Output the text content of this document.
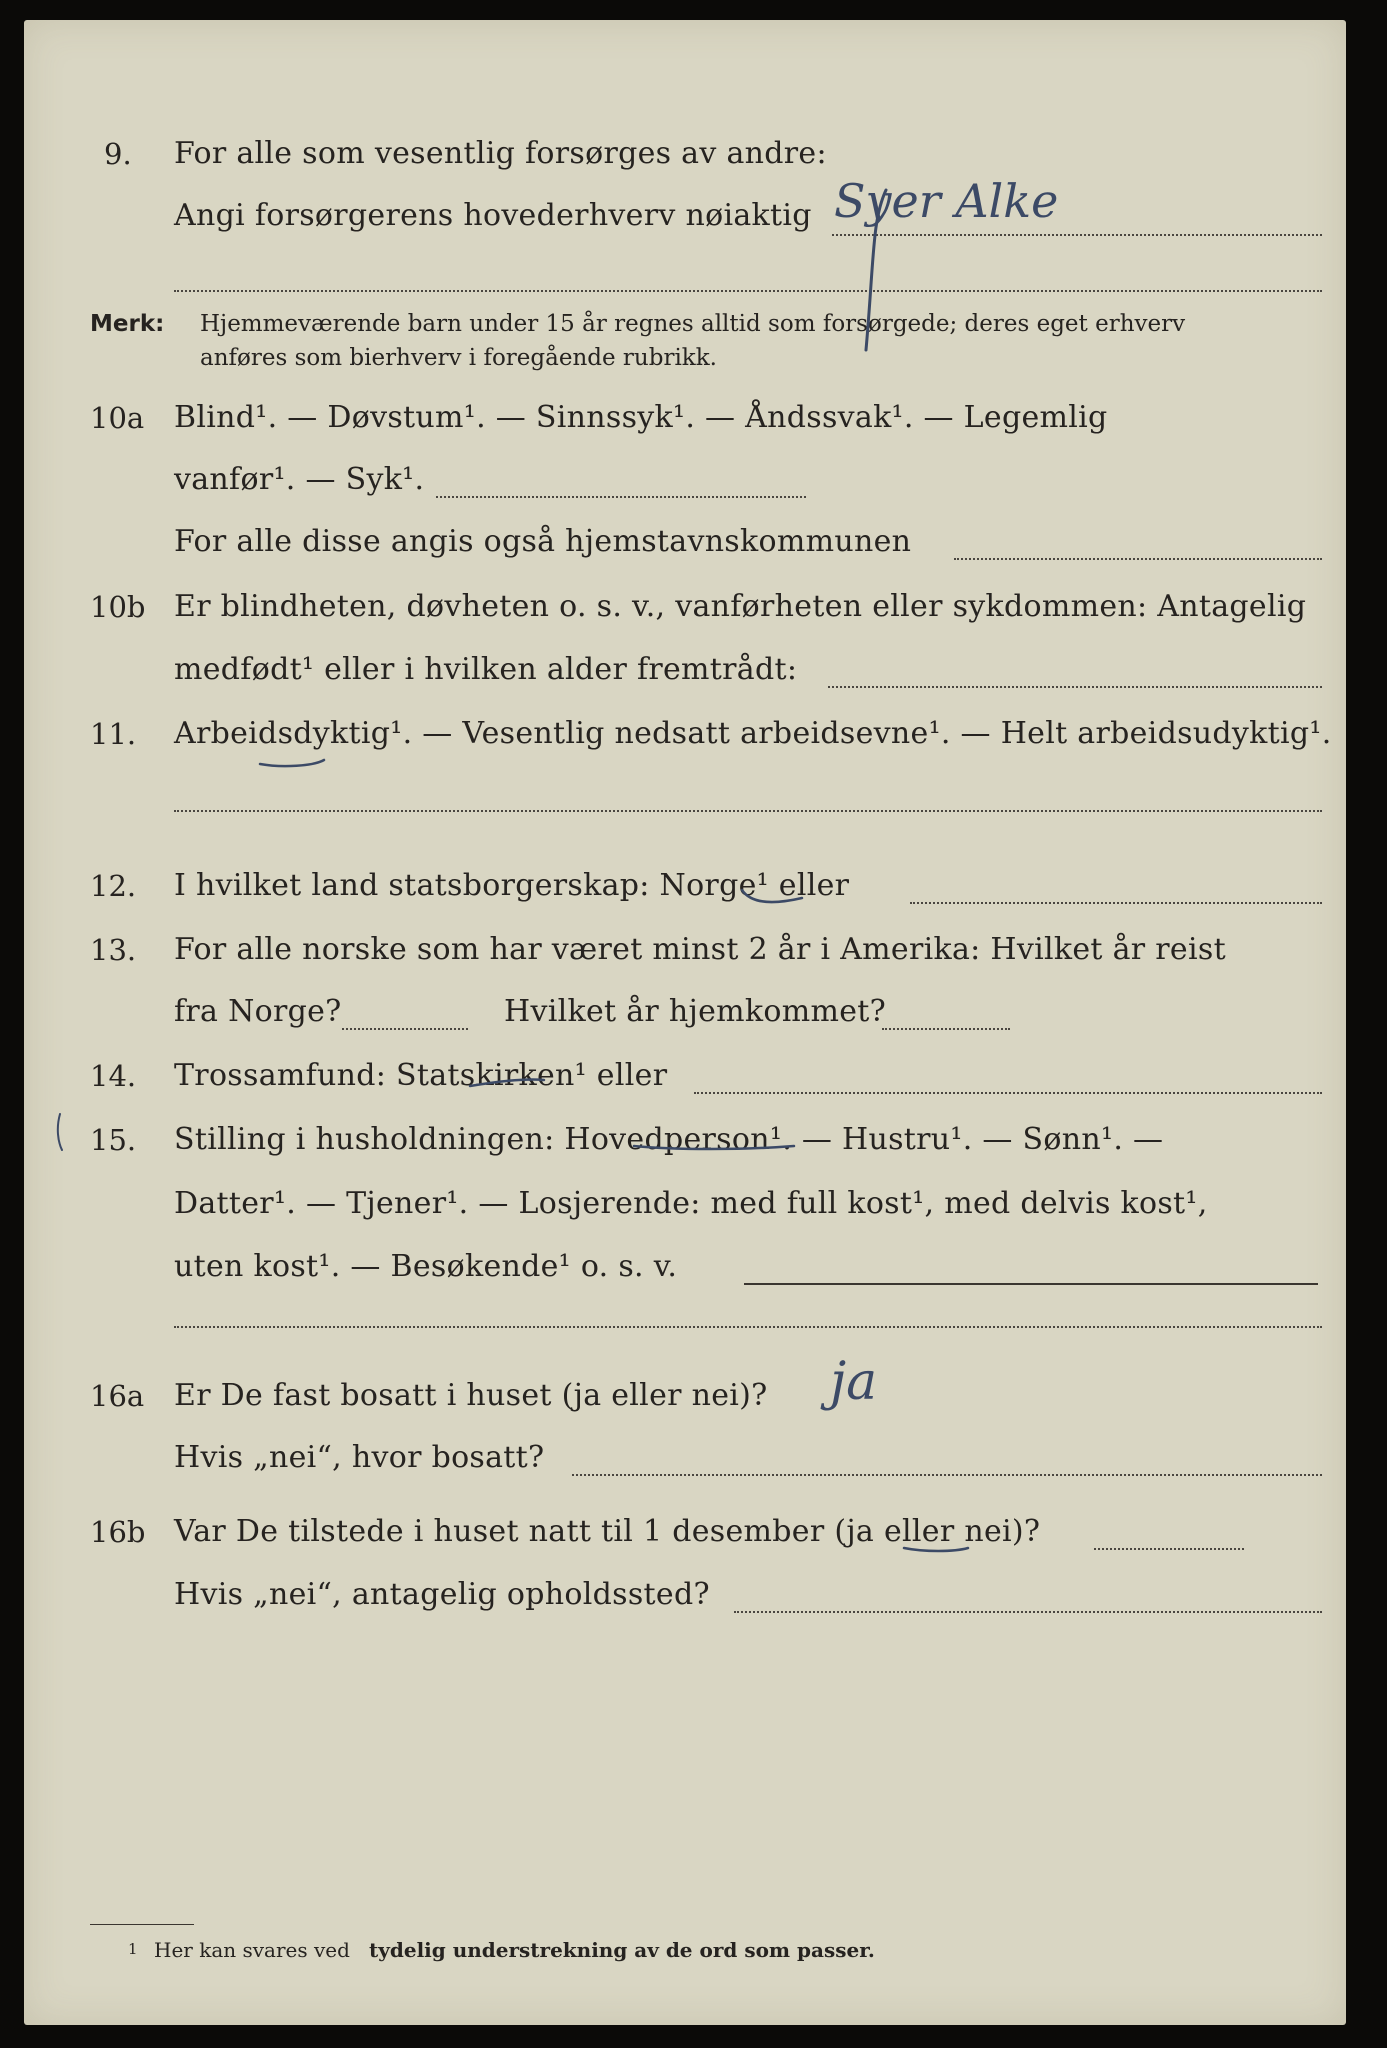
9. For alle som vesentlig forsørges av andre:
Angi forsørgerens hovederhverv nøiaktig Syer Alke
Merk: Hjemmeværende barn under 15 år regnes alltid som forsørgede; deres eget erhverv
anføres som bierhverv i foregående rubrikk.
10a Blind¹. — Døvstum¹. — Sinnssyk¹. — Åndssvak¹. — Legemlig
vanfør¹. — Syk¹.
For alle disse angis også hjemstavnskommunen
10b Er blindheten, døvheten o. s. v., vanførheten eller sykdommen: Antagelig
medfødt¹ eller i hvilken alder fremtrådt:
11. Arbeidsdyktig¹. — Vesentlig nedsatt arbeidsevne¹. — Helt arbeidsudyktig¹.
12. I hvilket land statsborgerskap: Norge¹ eller
13. For alle norske som har været minst 2 år i Amerika: Hvilket år reist
fra Norge?	Hvilket år hjemkommet?
14. Trossamfund: Statskirken¹ eller
15. Stilling i husholdningen: Hovedperson¹. — Hustru¹. — Sønn¹. —
Datter¹. — Tjener¹. — Losjerende: med full kost¹, med delvis kost¹,
uten kost¹. — Besøkende¹ o. s. v.
16a Er De fast bosatt i huset (ja eller nei)? ja
Hvis „nei“, hvor bosatt?
16b Var De tilstede i huset natt til 1 desember (ja eller nei)?
Hvis „nei“, antagelig opholdssted?
1 Her kan svares ved tydelig understrekning av de ord som passer.
